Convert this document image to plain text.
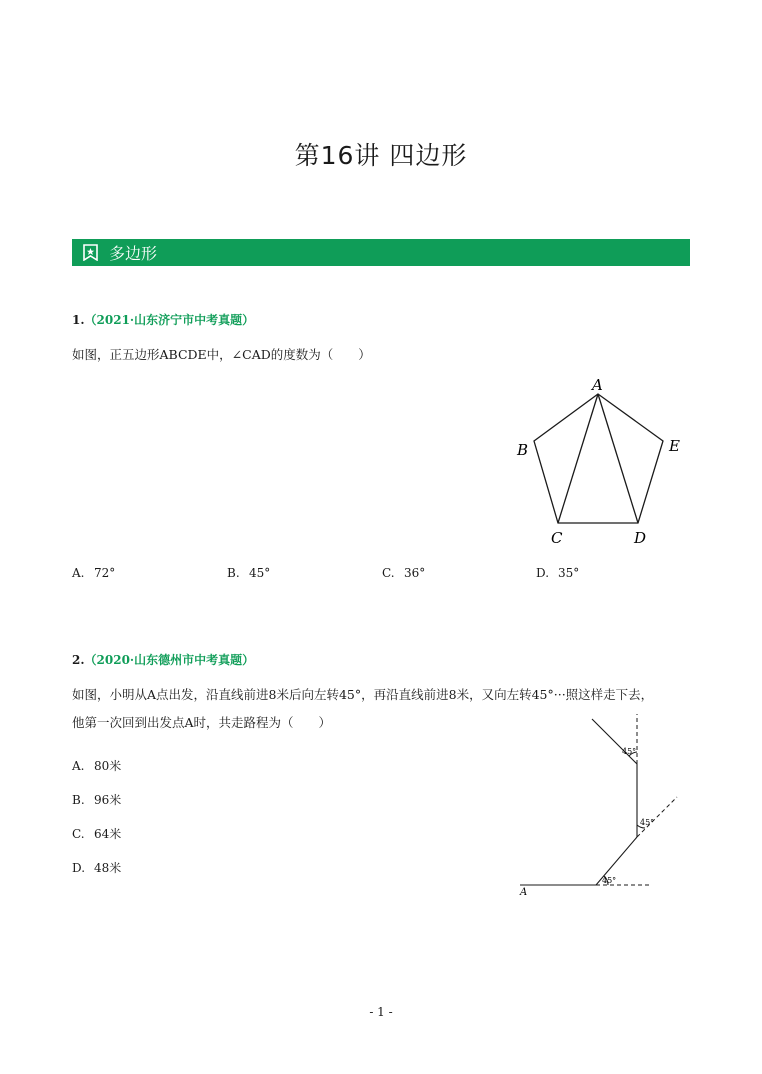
第16讲 四边形
多边形
1.（2021·山东济宁市中考真题）
如图，正五边形ABCDE中，∠CAD的度数为（　　）
A
B
C	D
E
A. 72°	B. 45°	C. 36°	D. 35°
2.（2020·山东德州市中考真题）
如图，小明从A点出发，沿直线前进8米后向左转45°，再沿直线前进8米，又向左转45°···照这样走下去，
他第一次回到出发点A时，共走路程为（　　）
A. 80米
B. 96米
C. 64米
D. 48米
A
45°
45°
45°
- 1 -
